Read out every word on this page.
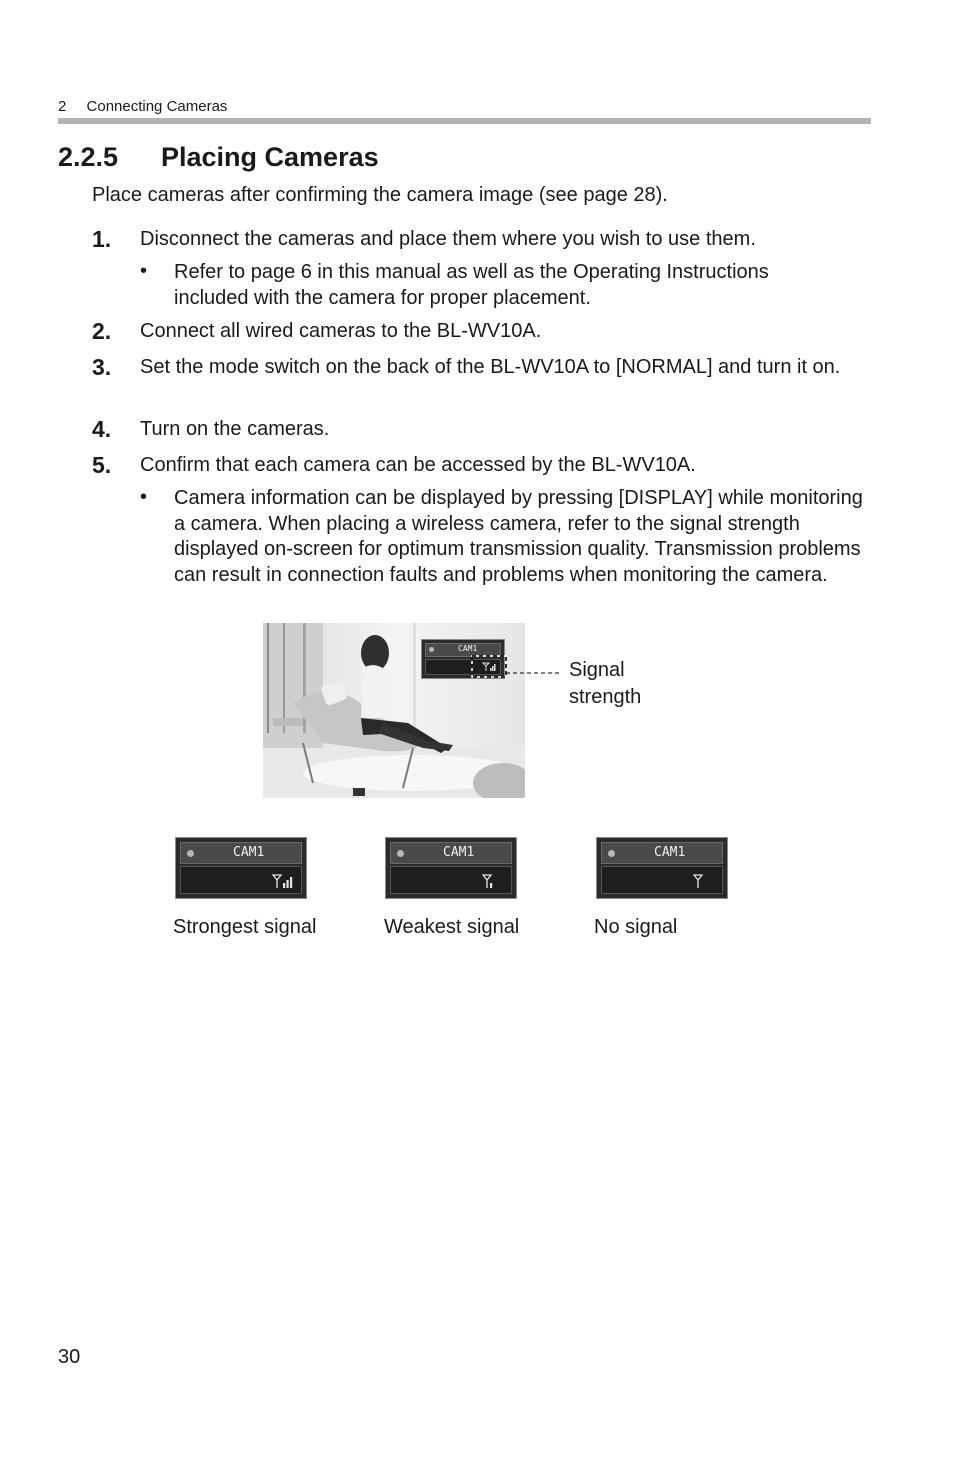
2 Connecting Cameras
2.2.5 Placing Cameras
Place cameras after confirming the camera image (see page 28).
1. Disconnect the cameras and place them where you wish to use them.
• Refer to page 6 in this manual as well as the Operating Instructions included with the camera for proper placement.
2. Connect all wired cameras to the BL-WV10A.
3. Set the mode switch on the back of the BL-WV10A to [NORMAL] and turn it on.
4. Turn on the cameras.
5. Confirm that each camera can be accessed by the BL-WV10A.
• Camera information can be displayed by pressing [DISPLAY] while monitoring a camera. When placing a wireless camera, refer to the signal strength displayed on-screen for optimum transmission quality. Transmission problems can result in connection faults and problems when monitoring the camera.
CAM1
Signal strength
CAM1
Strongest signal
CAM1
Weakest signal
CAM1
No signal
30
